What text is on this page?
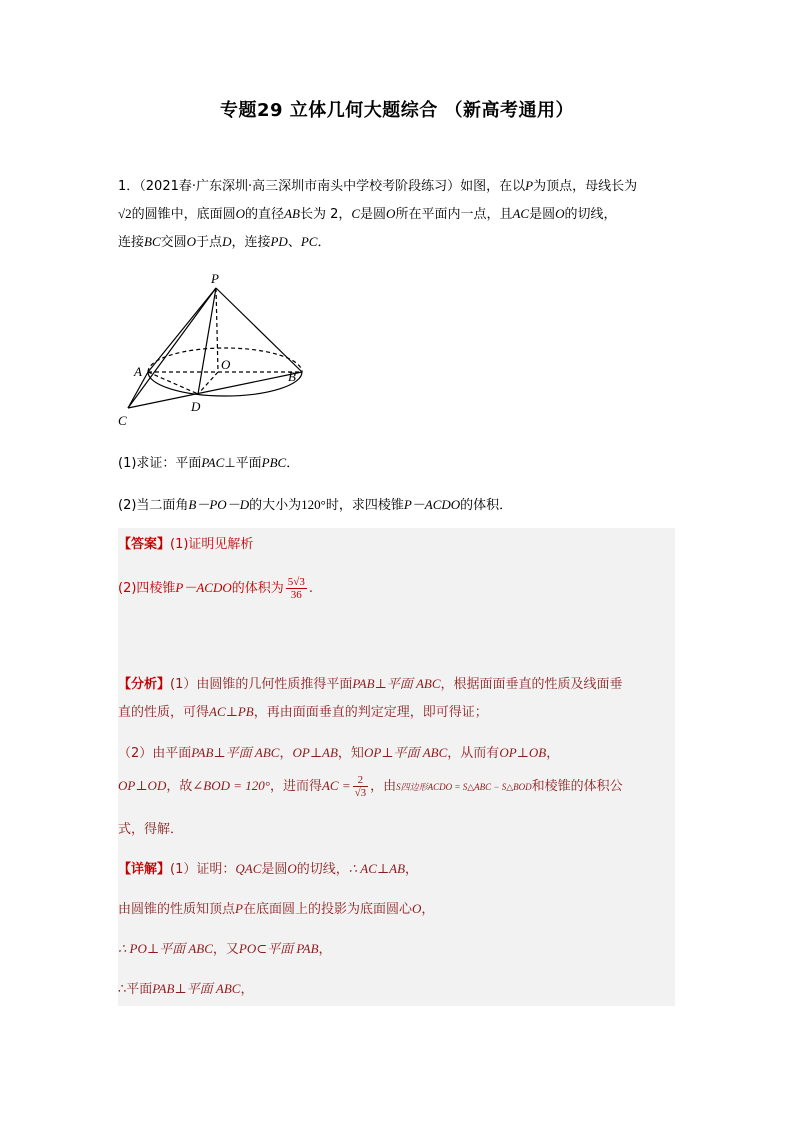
专题29 立体几何大题综合 （新高考通用）
1．（2021春·广东深圳·高三深圳市南头中学校考阶段练习）如图，在以P为顶点，母线长为
√2的圆锥中，底面圆O的直径AB长为 2，C是圆O所在平面内一点，且AC是圆O的切线，
连接BC交圆O于点D，连接PD、PC．
P
A	O
B
D
C
(1)求证：平面PAC⊥平面PBC．
(2)当二面角B－PO－D的大小为120°时，求四棱锥P－ACDO的体积．
【答案】(1)证明见解析
(2)四棱锥P－ACDO的体积为 $\frac{5√3}{36}$ .
【分析】(1）由圆锥的几何性质推得平面PAB⊥平面 ABC，根据面面垂直的性质及线面垂
直的性质，可得AC⊥PB，再由面面垂直的判定定理，即可得证；
（2）由平面PAB⊥平面 ABC，OP⊥AB，知OP⊥平面 ABC，从而有OP⊥OB，
OP⊥OD，故∠BOD = 120°，进而得AC = $\frac{2}{√3}$ ，由S四边形ACDO = S△ABC − S△BOD和棱锥的体积公
式，得解．
【详解】(1）证明：QAC是圆O的切线，∴ AC⊥AB，
由圆锥的性质知顶点P在底面圆上的投影为底面圆心O，
∴ PO⊥平面 ABC，又PO⊂平面 PAB，
∴平面PAB⊥平面 ABC，
